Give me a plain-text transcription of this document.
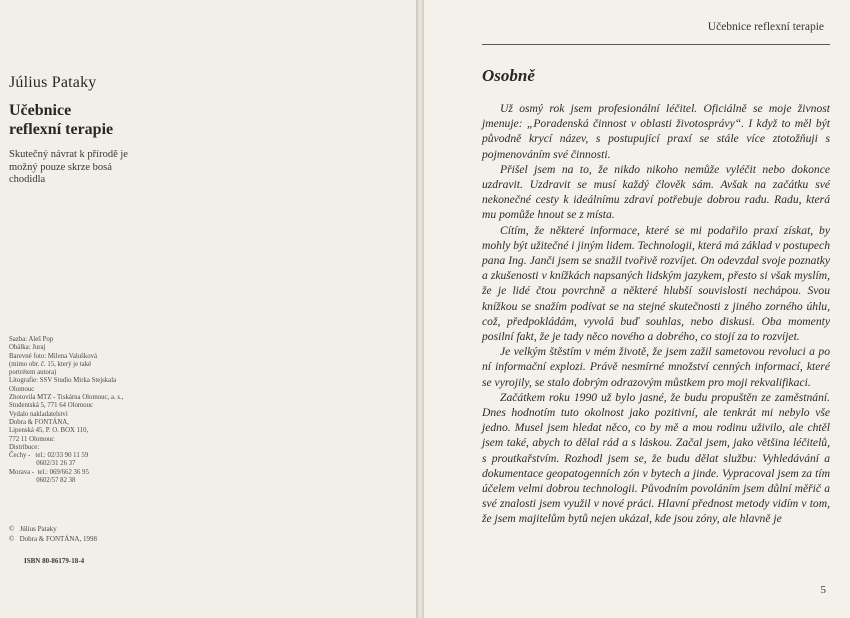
Július Pataky
Učebnice
reflexní terapie
Skutečný návrat k přírodě je možný pouze skrze bosá chodidla
Sazba: Aleš Pop
Obálka: Juraj
Barevné foto: Milena Valušková
(mimo obr. č. 15, který je také
portrétem autora)
Litografie: SSV Studio Mirka Stejskala
Olomouc
Zhotovila MTZ - Tiskárna Olomouc, a. s.,
Studentská 5, 771 64 Olomouc
Vydalo nakladatelství
Dobra & FONTÁNA,
Lipenská 45, P. O. BOX 110,
772 11 Olomouc
Distribuce:
Čechy -   tel.: 02/33 90 11 59
0602/31 26 37
Morava -  tel.: 069/662 36 95
0602/57 82 38
©   Július Pataky
©   Dobra & FONTÁNA, 1998
ISBN 80-86179-18-4
Učebnice reflexní terapie
Osobně

Už osmý rok jsem profesionální léčitel. Oficiálně se moje živnost jmenuje: „Poradenská činnost v oblasti životosprávy“. I když to měl být původně krycí název, s postupující praxí se stále více ztotožňuji s pojmenováním své činnosti.

Přišel jsem na to, že nikdo nikoho nemůže vyléčit nebo dokonce uzdravit. Uzdravit se musí každý člověk sám. Avšak na začátku své nekonečné cesty k ideálnímu zdraví potřebuje dobrou radu. Radu, která mu pomůže hnout se z místa.

Cítím, že některé informace, které se mi podařilo praxí získat, by mohly být užitečné i jiným lidem. Technologii, která má základ v postupech pana Ing. Janči jsem se snažil tvořivě rozvíjet. On odevzdal svoje poznatky a zkušenosti v knížkách napsaných lidským jazykem, přesto si však myslím, že je lidé čtou povrchně a některé hlubší souvislosti nechápou. Svou knížkou se snažím podívat se na stejné skutečnosti z jiného zorného úhlu, což, předpokládám, vyvolá buď souhlas, nebo diskusi. Oba momenty posilní fakt, že je tady něco nového a dobrého, co stojí za to rozvíjet.

Je velkým štěstím v mém životě, že jsem zažil sametovou revoluci a po ní informační explozi. Právě nesmírné množství cenných informací, které se vyrojily, se stalo dobrým odrazovým můstkem pro moji rekvalifikaci.

Začátkem roku 1990 už bylo jasné, že budu propuštěn ze zaměstnání. Dnes hodnotím tuto okolnost jako pozitivní, ale tenkrát mi nebylo vše jedno. Musel jsem hledat něco, co by mě a mou rodinu uživilo, ale chtěl jsem také, abych to dělal rád a s láskou. Začal jsem, jako většina léčitelů, s proutkařstvím. Rozhodl jsem se, že budu dělat službu: Vyhledávání a dokumentace geopatogenních zón v bytech a jinde. Vypracoval jsem za tím účelem velmi dobrou technologii. Původním povoláním jsem důlní měřič a své znalosti jsem využil v nové práci. Hlavní přednost metody vidím v tom, že jsem majitelům bytů nejen ukázal, kde jsou zóny, ale hlavně je

5
